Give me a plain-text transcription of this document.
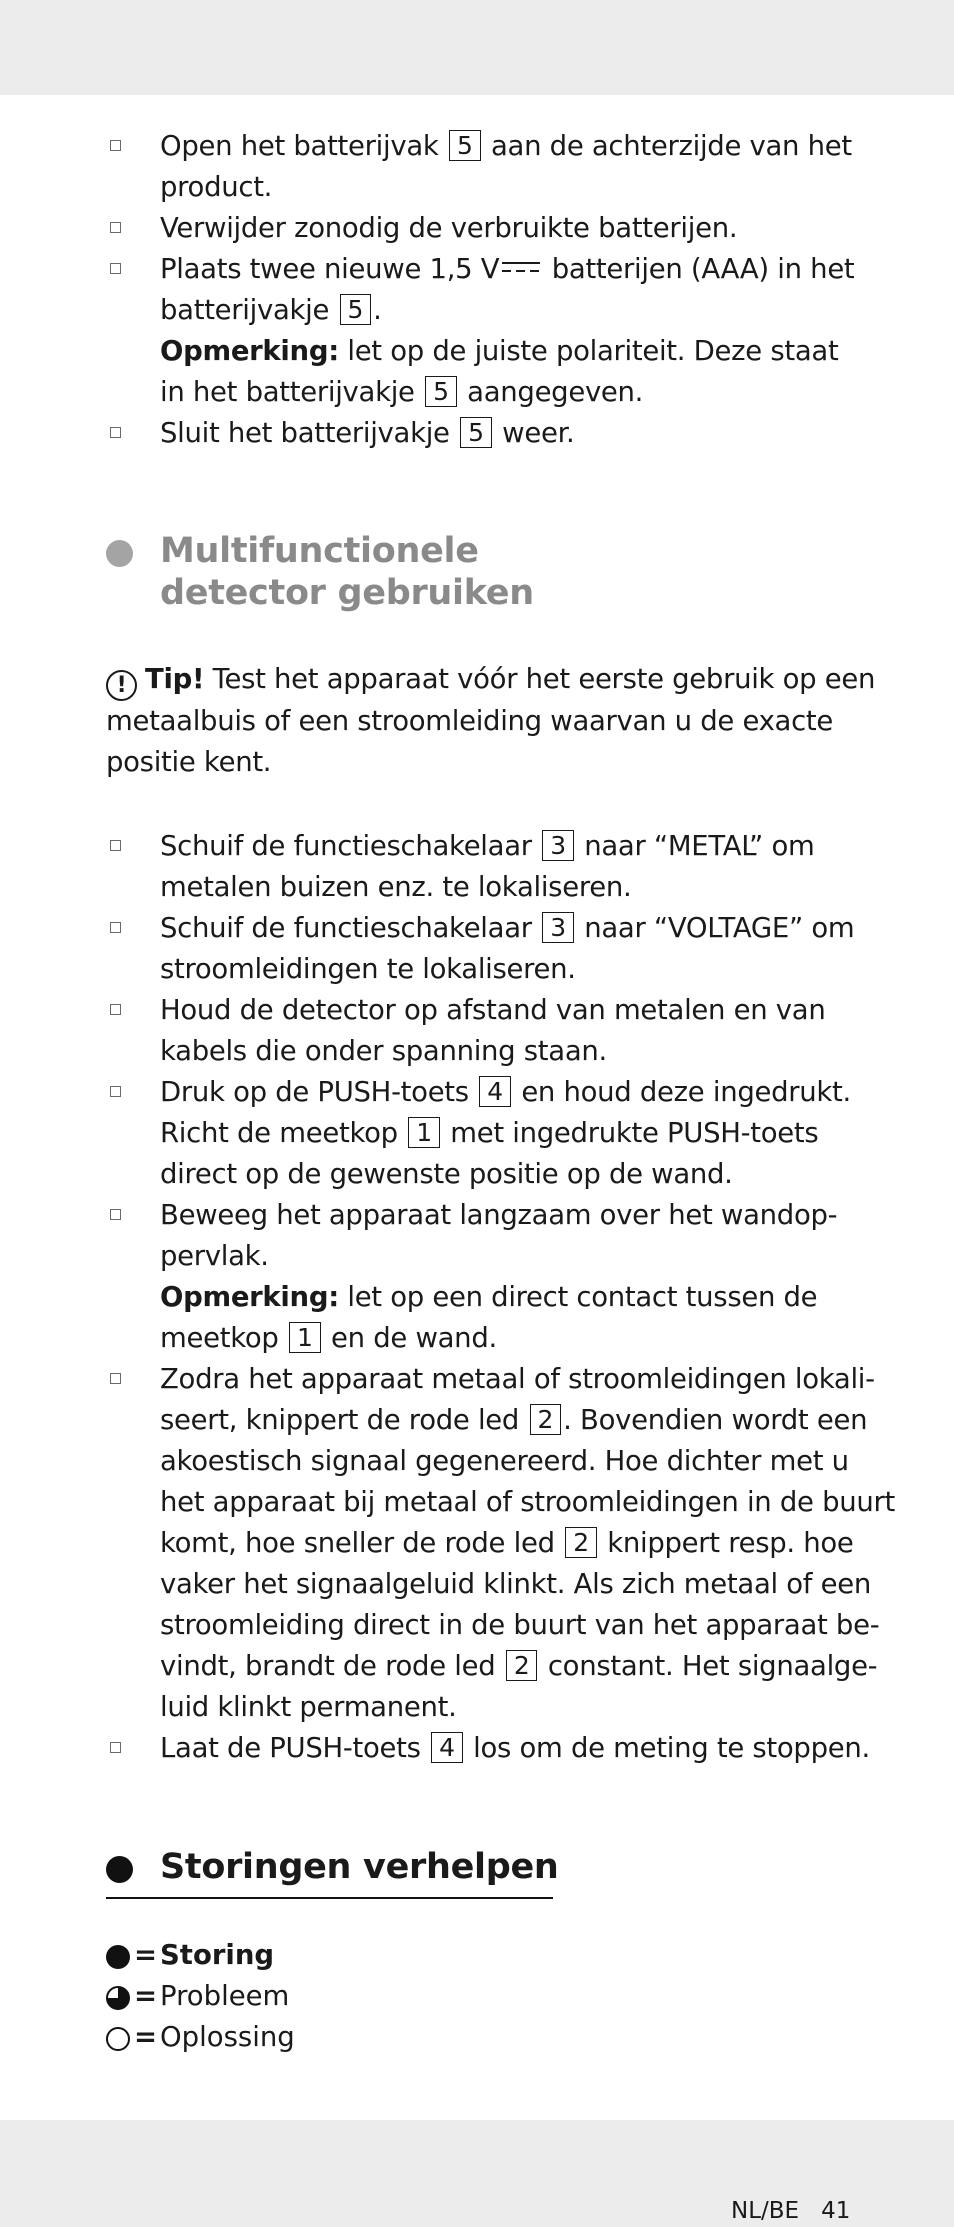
Open het batterijvak 5 aan de achterzijde van het
product.
Verwijder zonodig de verbruikte batterijen.
Plaats twee nieuwe 1,5 V batterijen (AAA) in het
batterijvakje 5 .
Opmerking: let op de juiste polariteit. Deze staat
in het batterijvakje 5 aangegeven.
Sluit het batterijvakje 5 weer.
Multifunctionele
detector gebruiken
! Tip! Test het apparaat vóór het eerste gebruik op een
metaalbuis of een stroomleiding waarvan u de exacte
positie kent.
Schuif de functieschakelaar 3 naar “METAL” om
metalen buizen enz. te lokaliseren.
Schuif de functieschakelaar 3 naar “VOLTAGE” om
stroomleidingen te lokaliseren.
Houd de detector op afstand van metalen en van
kabels die onder spanning staan.
Druk op de PUSH-toets 4 en houd deze ingedrukt.
Richt de meetkop 1 met ingedrukte PUSH-toets
direct op de gewenste positie op de wand.
Beweeg het apparaat langzaam over het wandop-
pervlak.
Opmerking: let op een direct contact tussen de
meetkop 1 en de wand.
Zodra het apparaat metaal of stroomleidingen lokali-
seert, knippert de rode led 2 . Bovendien wordt een
akoestisch signaal gegenereerd. Hoe dichter met u
het apparaat bij metaal of stroomleidingen in de buurt
komt, hoe sneller de rode led 2 knippert resp. hoe
vaker het signaalgeluid klinkt. Als zich metaal of een
stroomleiding direct in de buurt van het apparaat be-
vindt, brandt de rode led 2 constant. Het signaalge-
luid klinkt permanent.
Laat de PUSH-toets 4 los om de meting te stoppen.
Storingen verhelpen
= Storing
= Probleem
= Oplossing
NL/BE 41
